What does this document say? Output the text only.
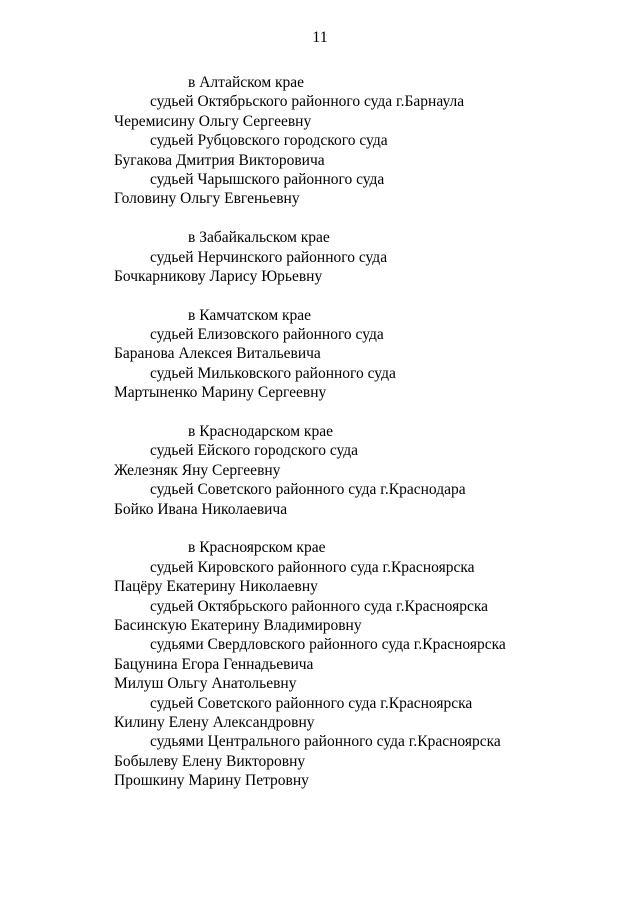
11
в Алтайском крае
судьей Октябрьского районного суда г.Барнаула
Черемисину Ольгу Сергеевну
судьей Рубцовского городского суда
Бугакова Дмитрия Викторовича
судьей Чарышского районного суда
Головину Ольгу Евгеньевну
в Забайкальском крае
судьей Нерчинского районного суда
Бочкарникову Ларису Юрьевну
в Камчатском крае
судьей Елизовского районного суда
Баранова Алексея Витальевича
судьей Мильковского районного суда
Мартыненко Марину Сергеевну
в Краснодарском крае
судьей Ейского городского суда
Железняк Яну Сергеевну
судьей Советского районного суда г.Краснодара
Бойко Ивана Николаевича
в Красноярском крае
судьей Кировского районного суда г.Красноярска
Пацёру Екатерину Николаевну
судьей Октябрьского районного суда г.Красноярска
Басинскую Екатерину Владимировну
судьями Свердловского районного суда г.Красноярска
Бацунина Егора Геннадьевича
Милуш Ольгу Анатольевну
судьей Советского районного суда г.Красноярска
Килину Елену Александровну
судьями Центрального районного суда г.Красноярска
Бобылеву Елену Викторовну
Прошкину Марину Петровну
